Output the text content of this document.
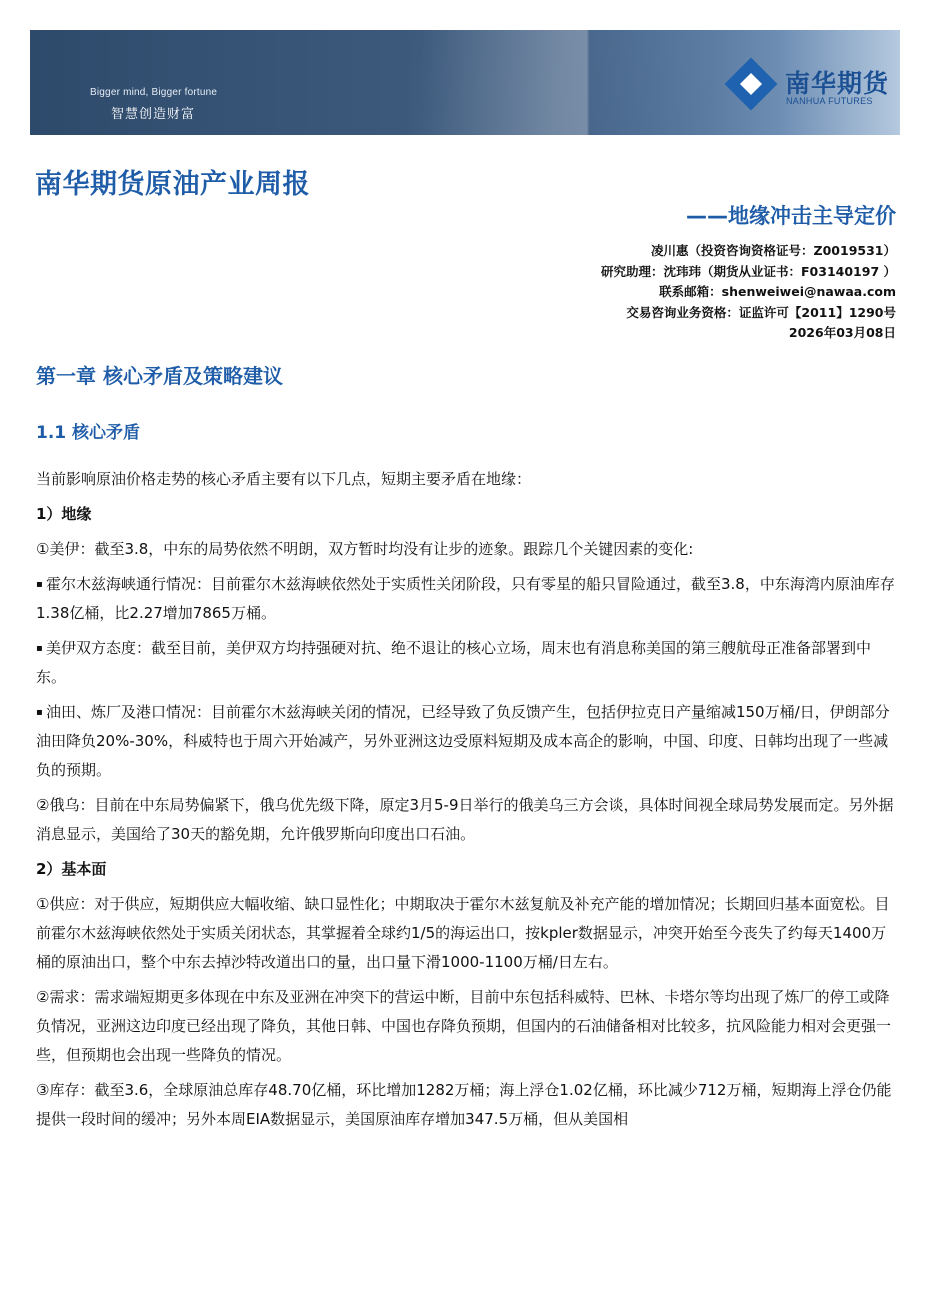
Bigger mind, Bigger fortune
智慧创造财富
南华期货
NANHUA FUTURES
南华期货原油产业周报
——地缘冲击主导定价
凌川惠（投资咨询资格证号：Z0019531）
研究助理：沈玮玮（期货从业证书：F03140197 ）
联系邮箱：shenweiwei@nawaa.com
交易咨询业务资格：证监许可【2011】1290号
2026年03月08日
第一章 核心矛盾及策略建议
1.1 核心矛盾

当前影响原油价格走势的核心矛盾主要有以下几点，短期主要矛盾在地缘：

1）地缘

①美伊：截至3.8，中东的局势依然不明朗，双方暂时均没有让步的迹象。跟踪几个关键因素的变化:

▪ 霍尔木兹海峡通行情况：目前霍尔木兹海峡依然处于实质性关闭阶段，只有零星的船只冒险通过，截至3.8，中东海湾内原油库存1.38亿桶，比2.27增加7865万桶。

▪ 美伊双方态度：截至目前，美伊双方均持强硬对抗、绝不退让的核心立场，周末也有消息称美国的第三艘航母正准备部署到中东。

▪ 油田、炼厂及港口情况：目前霍尔木兹海峡关闭的情况，已经导致了负反馈产生，包括伊拉克日产量缩减150万桶/日，伊朗部分油田降负20%-30%，科威特也于周六开始减产，另外亚洲这边受原料短期及成本高企的影响，中国、印度、日韩均出现了一些减负的预期。

②俄乌：目前在中东局势偏紧下，俄乌优先级下降，原定3月5-9日举行的俄美乌三方会谈，具体时间视全球局势发展而定。另外据消息显示，美国给了30天的豁免期，允许俄罗斯向印度出口石油。

2）基本面

①供应：对于供应，短期供应大幅收缩、缺口显性化；中期取决于霍尔木兹复航及补充产能的增加情况；长期回归基本面宽松。目前霍尔木兹海峡依然处于实质关闭状态，其掌握着全球约1/5的海运出口，按kpler数据显示，冲突开始至今丧失了约每天1400万桶的原油出口，整个中东去掉沙特改道出口的量，出口量下滑1000-1100万桶/日左右。

②需求：需求端短期更多体现在中东及亚洲在冲突下的营运中断，目前中东包括科威特、巴林、卡塔尔等均出现了炼厂的停工或降负情况，亚洲这边印度已经出现了降负，其他日韩、中国也存降负预期，但国内的石油储备相对比较多，抗风险能力相对会更强一些，但预期也会出现一些降负的情况。

③库存：截至3.6，全球原油总库存48.70亿桶，环比增加1282万桶；海上浮仓1.02亿桶，环比减少712万桶，短期海上浮仓仍能提供一段时间的缓冲；另外本周EIA数据显示，美国原油库存增加347.5万桶，但从美国相
